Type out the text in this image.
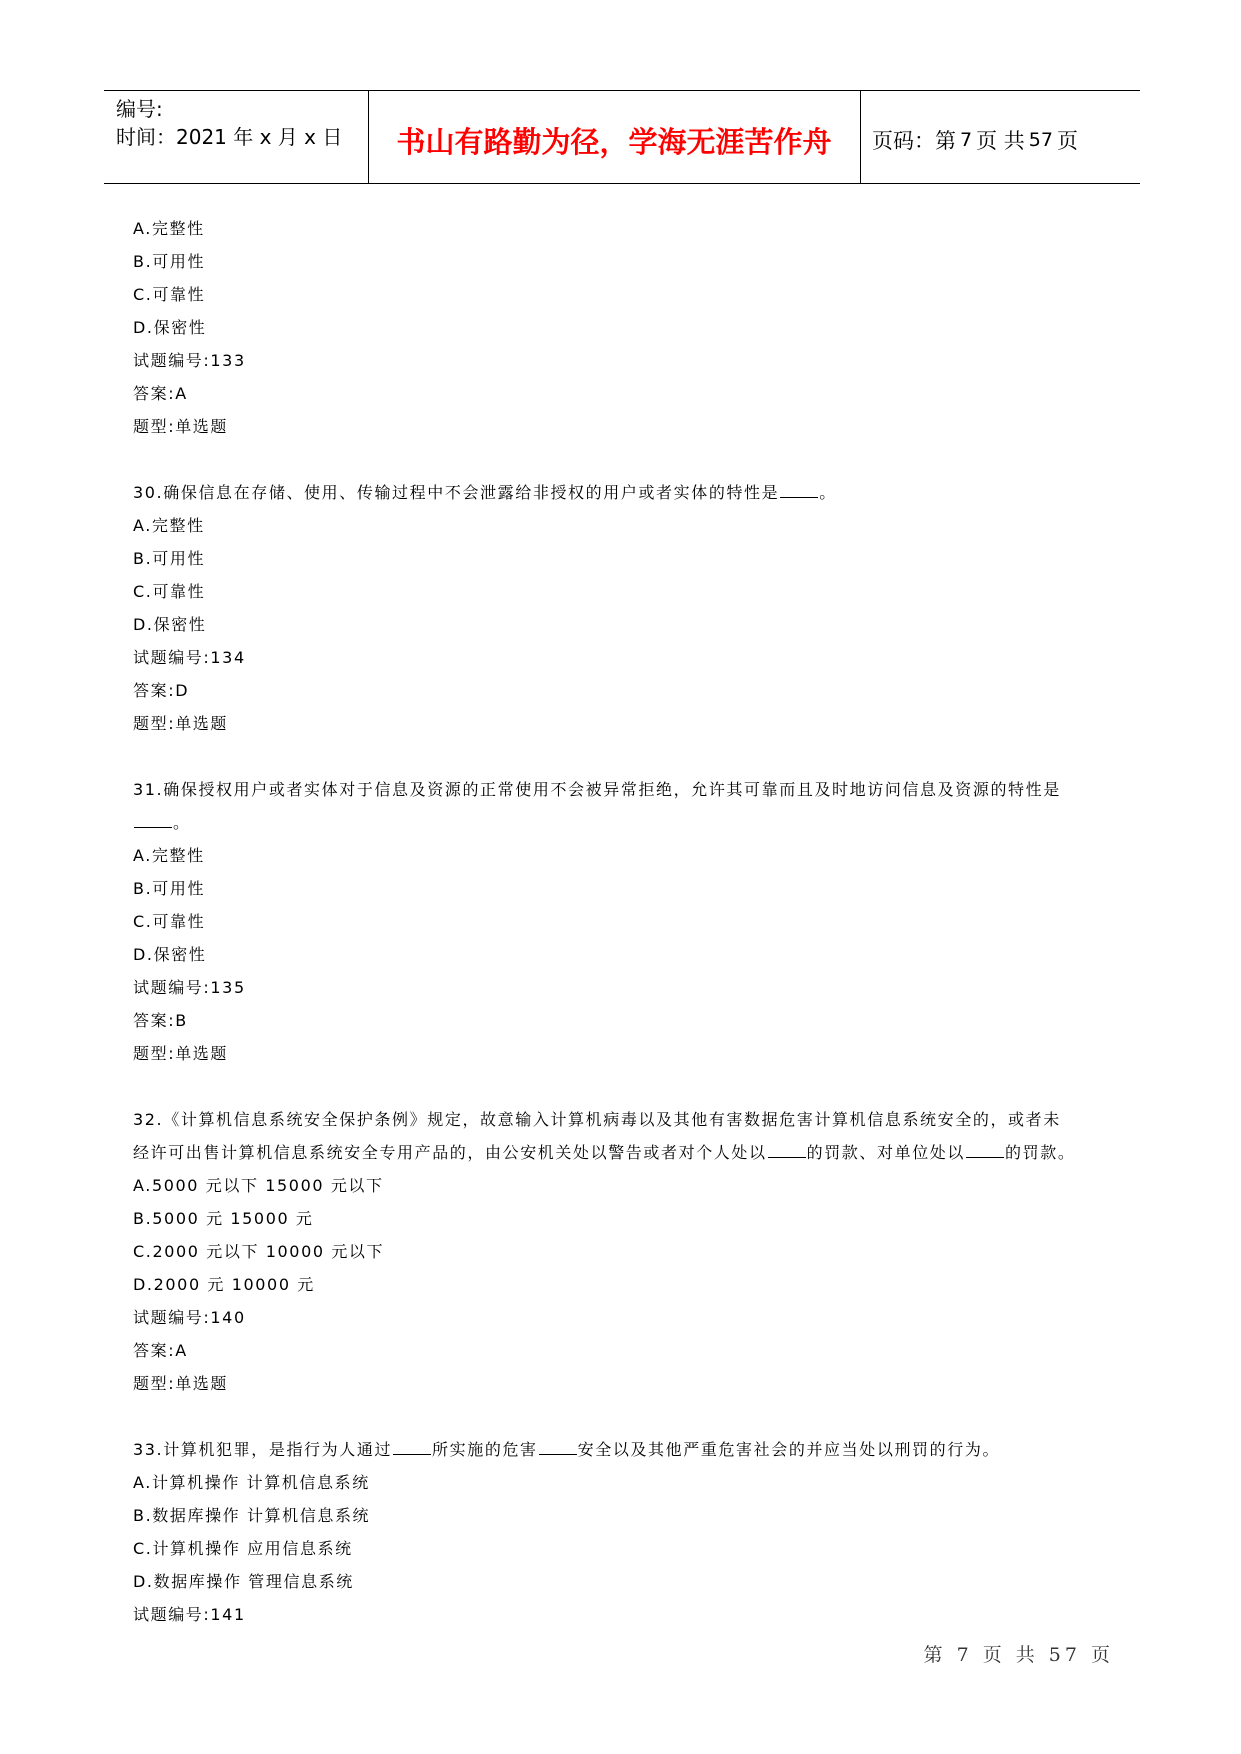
编号:
时间：2021 年 x 月 x 日	书山有路勤为径，学海无涯苦作舟	页码：第 7 页 共 57 页
A.完整性
B.可用性
C.可靠性
D.保密性
试题编号:133
答案:A
题型:单选题
30.确保信息在存储、使用、传输过程中不会泄露给非授权的用户或者实体的特性是	。
A.完整性
B.可用性
C.可靠性
D.保密性
试题编号:134
答案:D
题型:单选题
31.确保授权用户或者实体对于信息及资源的正常使用不会被异常拒绝，允许其可靠而且及时地访问信息及资源的特性是
。
A.完整性
B.可用性
C.可靠性
D.保密性
试题编号:135
答案:B
题型:单选题
32.《计算机信息系统安全保护条例》规定，故意输入计算机病毒以及其他有害数据危害计算机信息系统安全的，或者未
经许可出售计算机信息系统安全专用产品的，由公安机关处以警告或者对个人处以	的罚款、对单位处以	的罚款。
A.5000 元以下 15000 元以下
B.5000 元 15000 元
C.2000 元以下 10000 元以下
D.2000 元 10000 元
试题编号:140
答案:A
题型:单选题
33.计算机犯罪，是指行为人通过	所实施的危害	安全以及其他严重危害社会的并应当处以刑罚的行为。
A.计算机操作 计算机信息系统
B.数据库操作 计算机信息系统
C.计算机操作 应用信息系统
D.数据库操作 管理信息系统
试题编号:141
第 7 页 共 57 页
